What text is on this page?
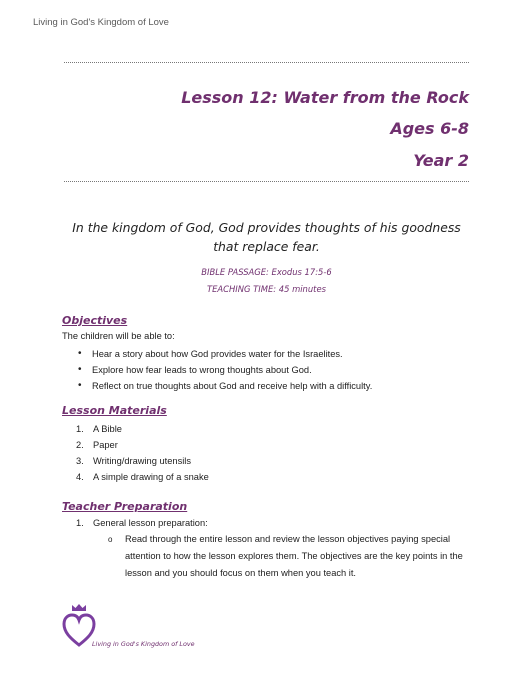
Living in God's Kingdom of Love
Lesson 12: Water from the Rock
Ages 6-8
Year 2
In the kingdom of God, God provides thoughts of his goodness that replace fear.
BIBLE PASSAGE: Exodus 17:5-6
TEACHING TIME: 45 minutes
Objectives
The children will be able to:
• Hear a story about how God provides water for the Israelites.
• Explore how fear leads to wrong thoughts about God.
• Reflect on true thoughts about God and receive help with a difficulty.
Lesson Materials
1. A Bible
2. Paper
3. Writing/drawing utensils
4. A simple drawing of a snake
Teacher Preparation
1. General lesson preparation:
o Read through the entire lesson and review the lesson objectives paying special attention to how the lesson explores them. The objectives are the key points in the lesson and you should focus on them when you teach it.
Living in God's Kingdom of Love
